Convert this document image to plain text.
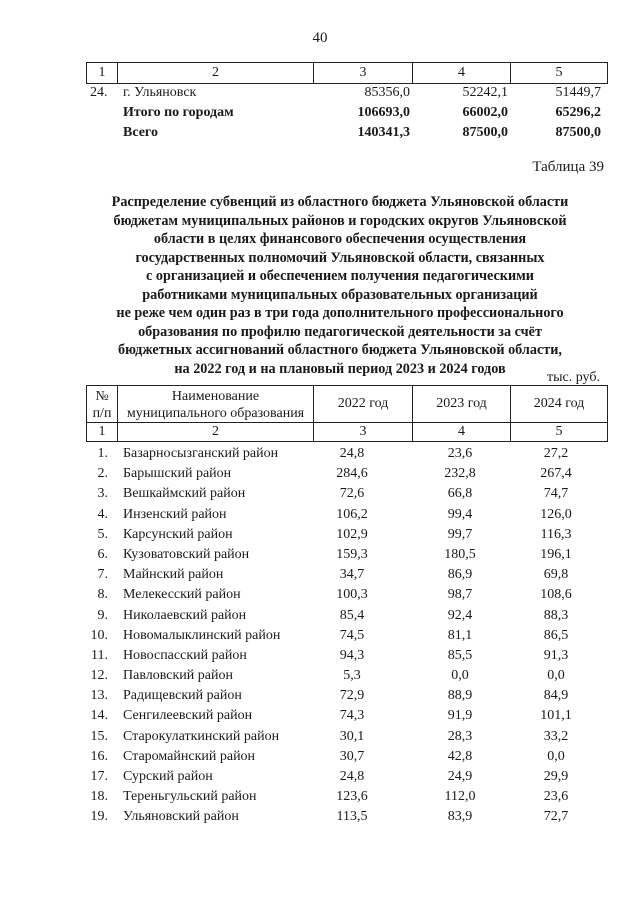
40
1	2	3	4	5
24. г. Ульяновск	85356,0	52242,1	51449,7
Итого по городам	106693,0	66002,0	65296,2
Всего	140341,3	87500,0	87500,0
Таблица 39
Распределение субвенций из областного бюджета Ульяновской области
бюджетам муниципальных районов и городских округов Ульяновской
области в целях финансового обеспечения осуществления
государственных полномочий Ульяновской области, связанных
с организацией и обеспечением получения педагогическими
работниками муниципальных образовательных организаций
не реже чем один раз в три года дополнительного профессионального
образования по профилю педагогической деятельности за счёт
бюджетных ассигнований областного бюджета Ульяновской области,
на 2022 год и на плановый период 2023 и 2024 годов
тыс. руб.
№
п/п
Наименование
муниципального образования
2022 год	2023 год	2024 год
1	2	3	4	5
1. Базарносызганский район	24,8	23,6	27,2
2. Барышский район	284,6	232,8	267,4
3. Вешкаймский район	72,6	66,8	74,7
4. Инзенский район	106,2	99,4	126,0
5. Карсунский район	102,9	99,7	116,3
6. Кузоватовский район	159,3	180,5	196,1
7. Майнский район	34,7	86,9	69,8
8. Мелекесский район	100,3	98,7	108,6
9. Николаевский район	85,4	92,4	88,3
10. Новомалыклинский район	74,5	81,1	86,5
11. Новоспасский район	94,3	85,5	91,3
12. Павловский район	5,3	0,0	0,0
13. Радищевский район	72,9	88,9	84,9
14. Сенгилеевский район	74,3	91,9	101,1
15. Старокулаткинский район	30,1	28,3	33,2
16. Старомайнский район	30,7	42,8	0,0
17. Сурский район	24,8	24,9	29,9
18. Тереньгульский район	123,6	112,0	23,6
19. Ульяновский район	113,5	83,9	72,7
